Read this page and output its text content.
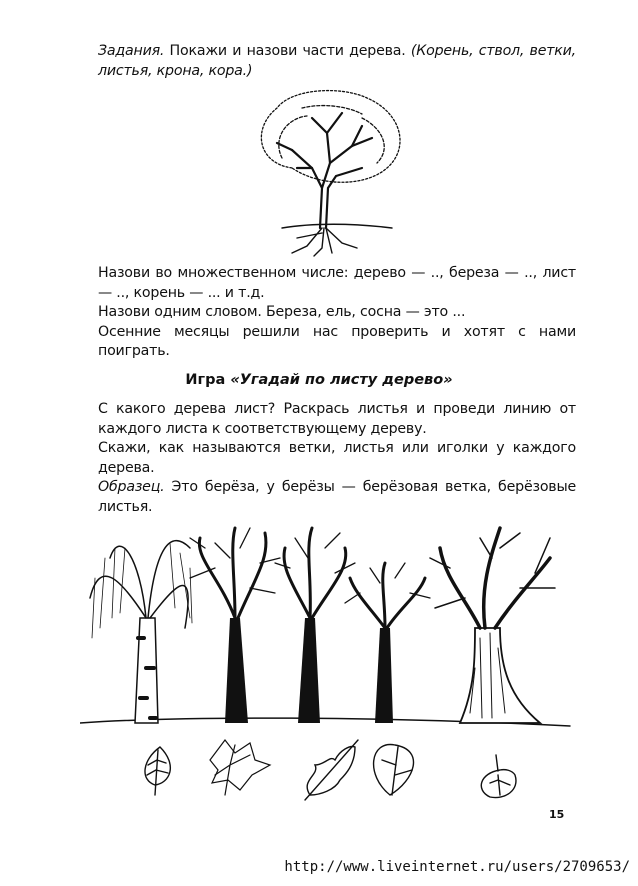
Задания. Покажи и назови части дерева. (Корень, ствол, ветки, листья, крона, кора.)
Назови во множественном числе: дерево — .., береза — .., лист — .., корень — ... и т.д.
Назови одним словом. Береза, ель, сосна — это ...
Осенние месяцы решили нас проверить и хотят с нами поиграть.
Игра «Угадай по листу дерево»
С какого дерева лист? Раскрась листья и проведи линию от каждого листа к соответствующему дереву.
Скажи, как называются ветки, листья или иголки у каждого дерева.
Образец. Это берёза, у берёзы — берёзовая ветка, берёзовые листья.
15
http://www.liveinternet.ru/users/2709653/
